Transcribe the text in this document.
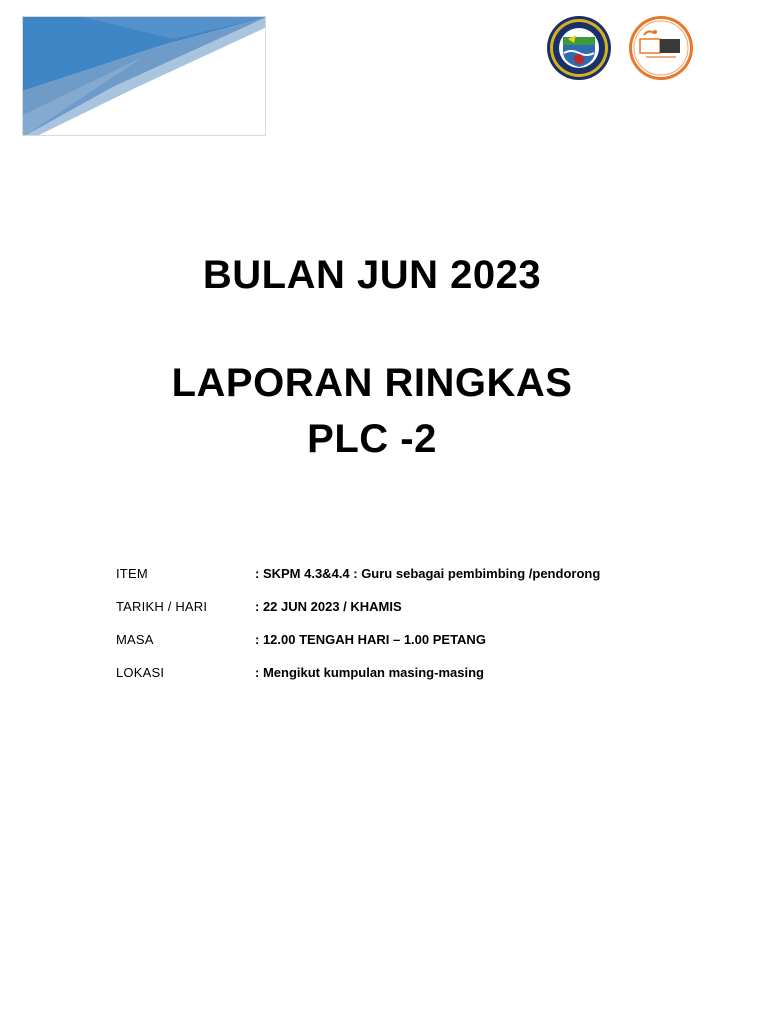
BULAN JUN 2023
LAPORAN RINGKAS
PLC -2
ITEM	: SKPM 4.3&4.4 : Guru sebagai pembimbing /pendorong
TARIKH / HARI	: 22 JUN 2023 / KHAMIS
MASA	: 12.00 TENGAH HARI – 1.00 PETANG
LOKASI	: Mengikut kumpulan masing-masing
